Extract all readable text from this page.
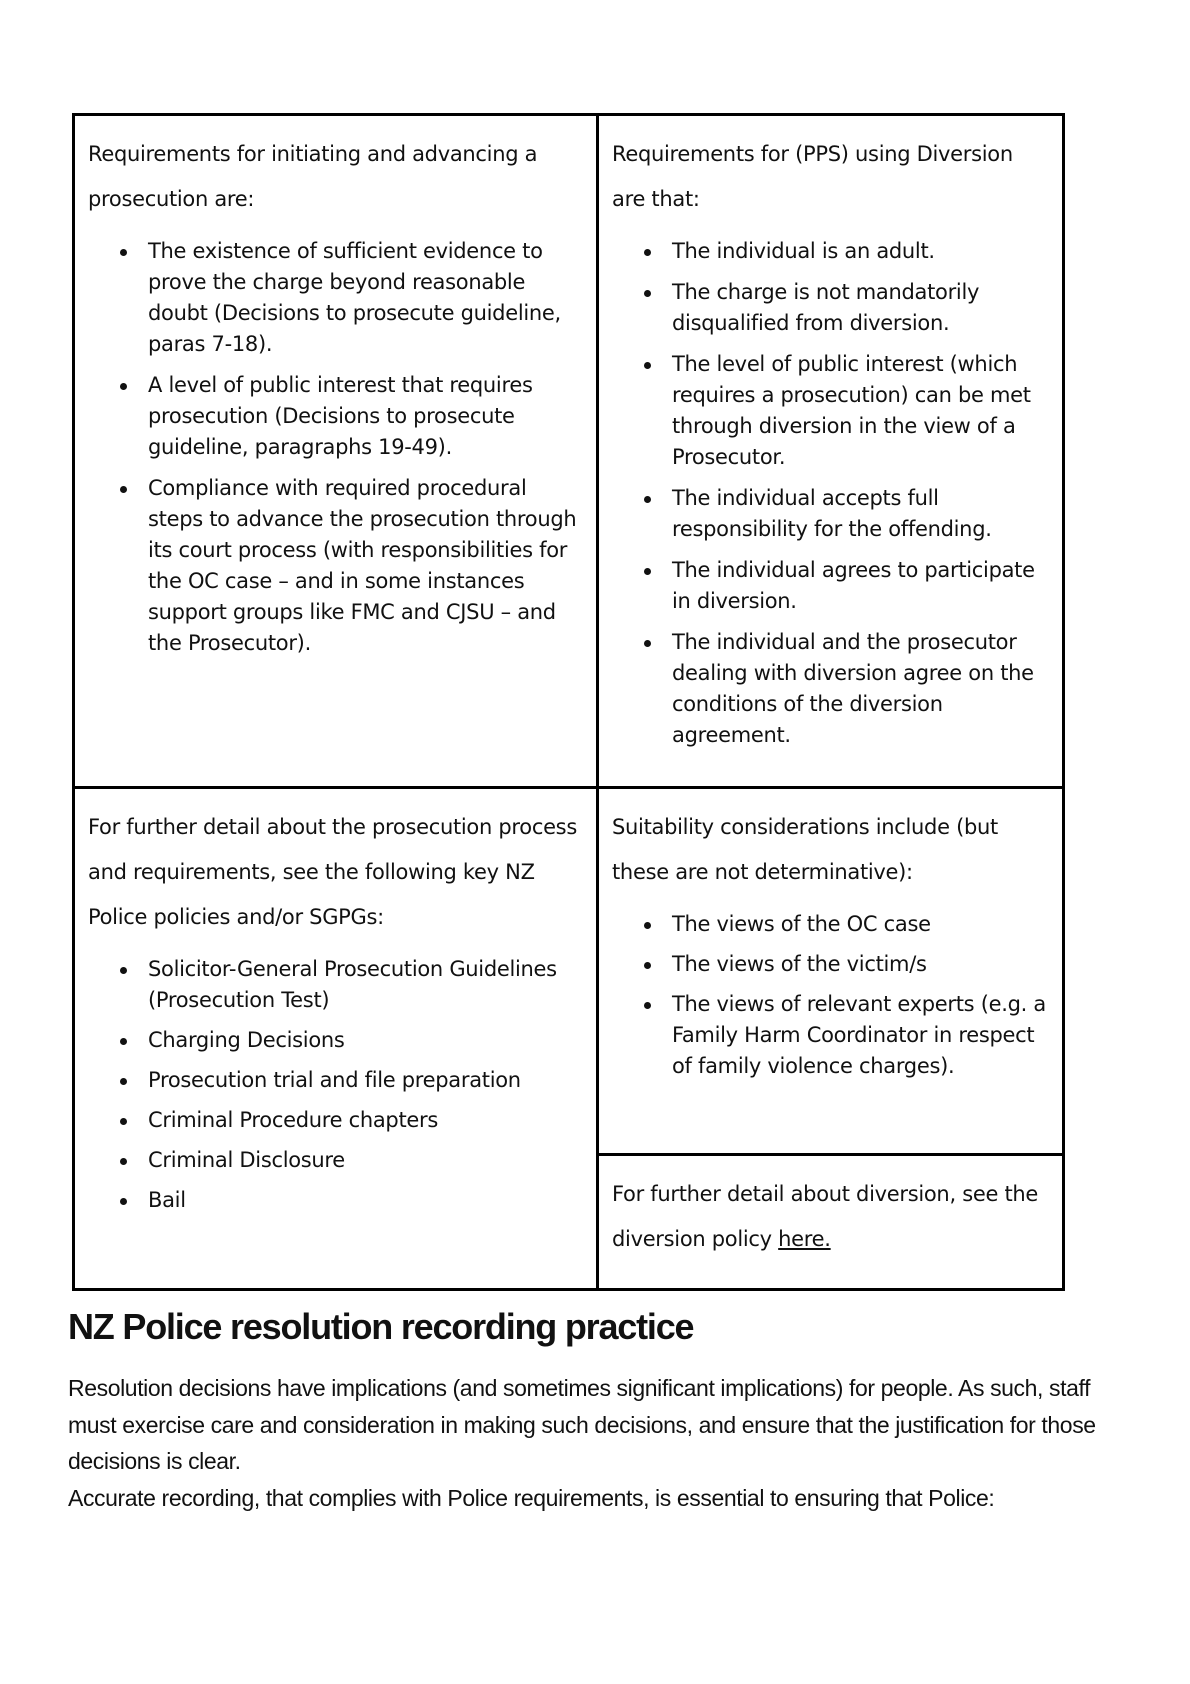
Requirements for initiating and advancing a prosecution are:

The existence of sufficient evidence to prove the charge beyond reasonable doubt (Decisions to prosecute guideline, paras 7-18).
A level of public interest that requires prosecution (Decisions to prosecute guideline, paragraphs 19-49).
Compliance with required procedural steps to advance the prosecution through its court process (with responsibilities for the OC case – and in some instances support groups like FMC and CJSU – and the Prosecutor).

Requirements for (PPS) using Diversion are that:

The individual is an adult.
The charge is not mandatorily disqualified from diversion.
The level of public interest (which requires a prosecution) can be met through diversion in the view of a Prosecutor.
The individual accepts full responsibility for the offending.
The individual agrees to participate in diversion.
The individual and the prosecutor dealing with diversion agree on the conditions of the diversion agreement.

For further detail about the prosecution process and requirements, see the following key NZ Police policies and/or SGPGs:

Solicitor-General Prosecution Guidelines (Prosecution Test)
Charging Decisions
Prosecution trial and file preparation
Criminal Procedure chapters
Criminal Disclosure
Bail

Suitability considerations include (but these are not determinative):

The views of the OC case
The views of the victim/s
The views of relevant experts (e.g. a Family Harm Coordinator in respect of family violence charges).

For further detail about diversion, see the diversion policy here.

NZ Police resolution recording practice

Resolution decisions have implications (and sometimes significant implications) for people. As such, staff must exercise care and consideration in making such decisions, and ensure that the justification for those decisions is clear.

Accurate recording, that complies with Police requirements, is essential to ensuring that Police:
